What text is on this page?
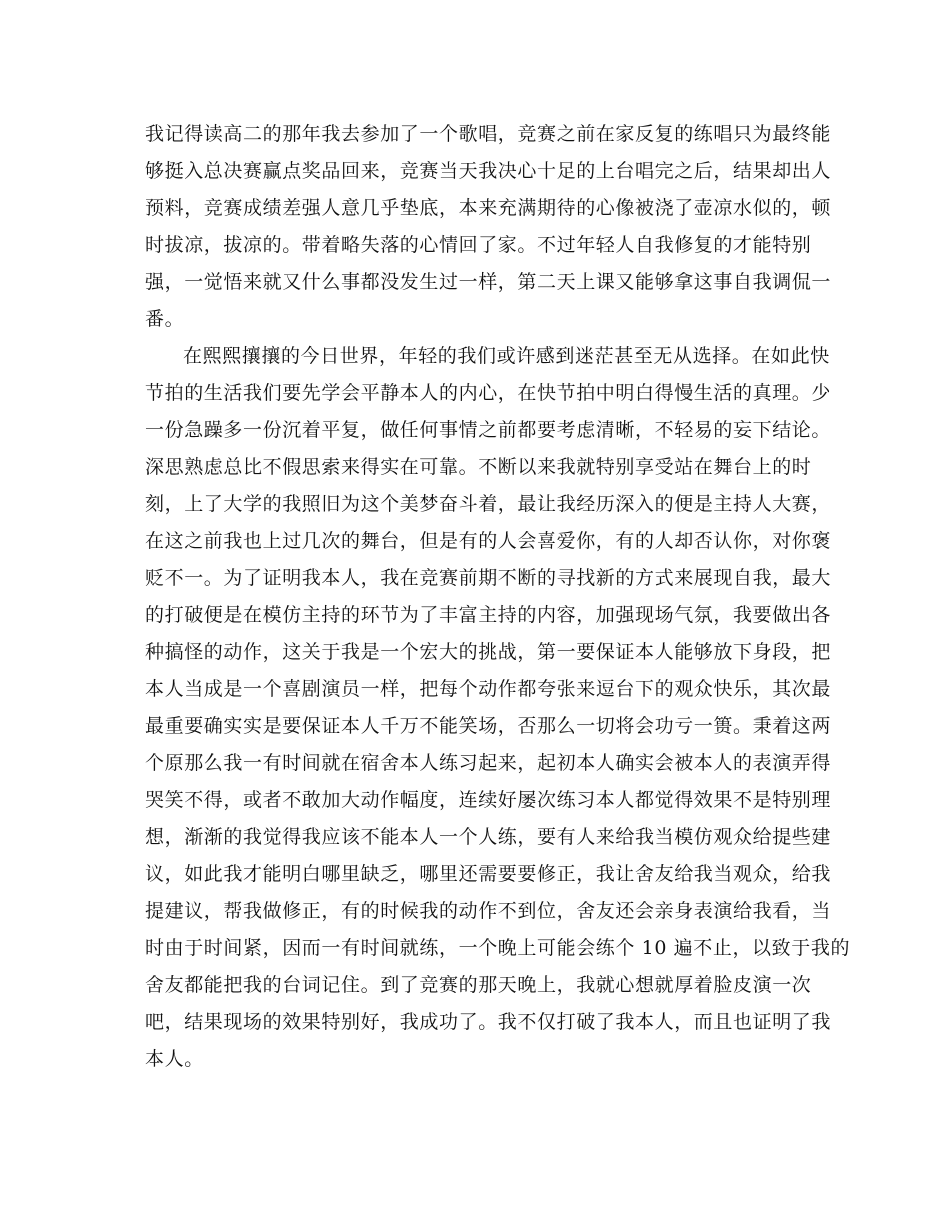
我记得读高二的那年我去参加了一个歌唱，竞赛之前在家反复的练唱只为最终能
够挺入总决赛赢点奖品回来，竞赛当天我决心十足的上台唱完之后，结果却出人
预料，竞赛成绩差强人意几乎垫底，本来充满期待的心像被浇了壶凉水似的，顿
时拔凉，拔凉的。带着略失落的心情回了家。不过年轻人自我修复的才能特别
强，一觉悟来就又什么事都没发生过一样，第二天上课又能够拿这事自我调侃一
番。
在熙熙攘攘的今日世界，年轻的我们或许感到迷茫甚至无从选择。在如此快
节拍的生活我们要先学会平静本人的内心，在快节拍中明白得慢生活的真理。少
一份急躁多一份沉着平复，做任何事情之前都要考虑清晰，不轻易的妄下结论。
深思熟虑总比不假思索来得实在可靠。不断以来我就特别享受站在舞台上的时
刻，上了大学的我照旧为这个美梦奋斗着，最让我经历深入的便是主持人大赛，
在这之前我也上过几次的舞台，但是有的人会喜爱你，有的人却否认你，对你褒
贬不一。为了证明我本人，我在竞赛前期不断的寻找新的方式来展现自我，最大
的打破便是在模仿主持的环节为了丰富主持的内容，加强现场气氛，我要做出各
种搞怪的动作，这关于我是一个宏大的挑战，第一要保证本人能够放下身段，把
本人当成是一个喜剧演员一样，把每个动作都夸张来逗台下的观众快乐，其次最
最重要确实实是要保证本人千万不能笑场，否那么一切将会功亏一篑。秉着这两
个原那么我一有时间就在宿舍本人练习起来，起初本人确实会被本人的表演弄得
哭笑不得，或者不敢加大动作幅度，连续好屡次练习本人都觉得效果不是特别理
想，渐渐的我觉得我应该不能本人一个人练，要有人来给我当模仿观众给提些建
议，如此我才能明白哪里缺乏，哪里还需要要修正，我让舍友给我当观众，给我
提建议，帮我做修正，有的时候我的动作不到位，舍友还会亲身表演给我看，当
时由于时间紧，因而一有时间就练，一个晚上可能会练个 10 遍不止，以致于我的
舍友都能把我的台词记住。到了竞赛的那天晚上，我就心想就厚着脸皮演一次
吧，结果现场的效果特别好，我成功了。我不仅打破了我本人，而且也证明了我
本人。
